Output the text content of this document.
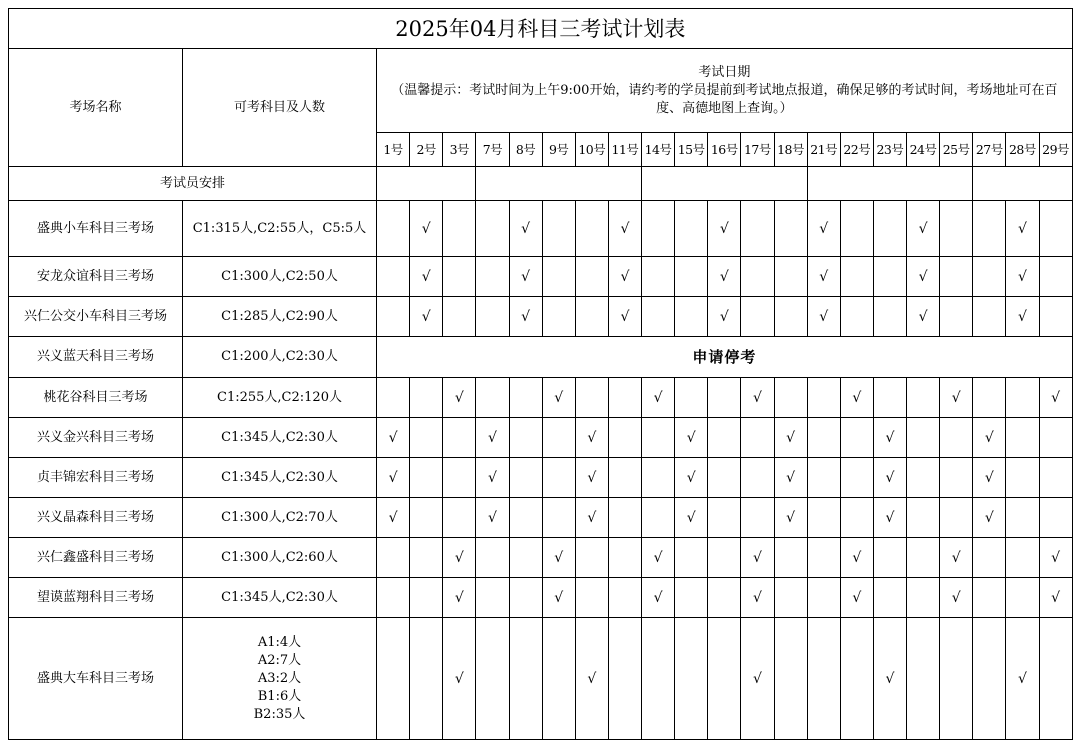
2025年04月科目三考试计划表																						
考场名称	可考科目及人数	考试日期
（温馨提示：考试时间为上午9:00开始，请约考的学员提前到考试地点报道，确保足够的考试时间，考场地址可在百度、高德地图上查询。）																				

		1号	2号	3号	7号	8号	9号	10号	11号	14号	15号	16号	17号	18号	21号	22号	23号	24号	25号	27号	28号	29号
考试员安排																						
盛典小车科目三考场	C1:315人,C2:55人，C5:5人		√			√			√			√			√			√			√	
安龙众谊科目三考场	C1:300人,C2:50人		√			√			√			√			√			√			√	
兴仁公交小车科目三考场	C1:285人,C2:90人		√			√			√			√			√			√			√	
兴义蓝天科目三考场	C1:200人,C2:30人	申请停考																				
桃花谷科目三考场	C1:255人,C2:120人			√			√			√			√			√			√			√
兴义金兴科目三考场	C1:345人,C2:30人	√			√			√			√			√			√			√		
贞丰锦宏科目三考场	C1:345人,C2:30人	√			√			√			√			√			√			√		
兴义晶森科目三考场	C1:300人,C2:70人	√			√			√			√			√			√			√		
兴仁鑫盛科目三考场	C1:300人,C2:60人			√			√			√			√			√			√			√
望谟蓝翔科目三考场	C1:345人,C2:30人			√			√			√			√			√			√			√
盛典大车科目三考场	A1:4人
A2:7人
A3:2人
B1:6人
B2:35人			√				√					√				√				√	
